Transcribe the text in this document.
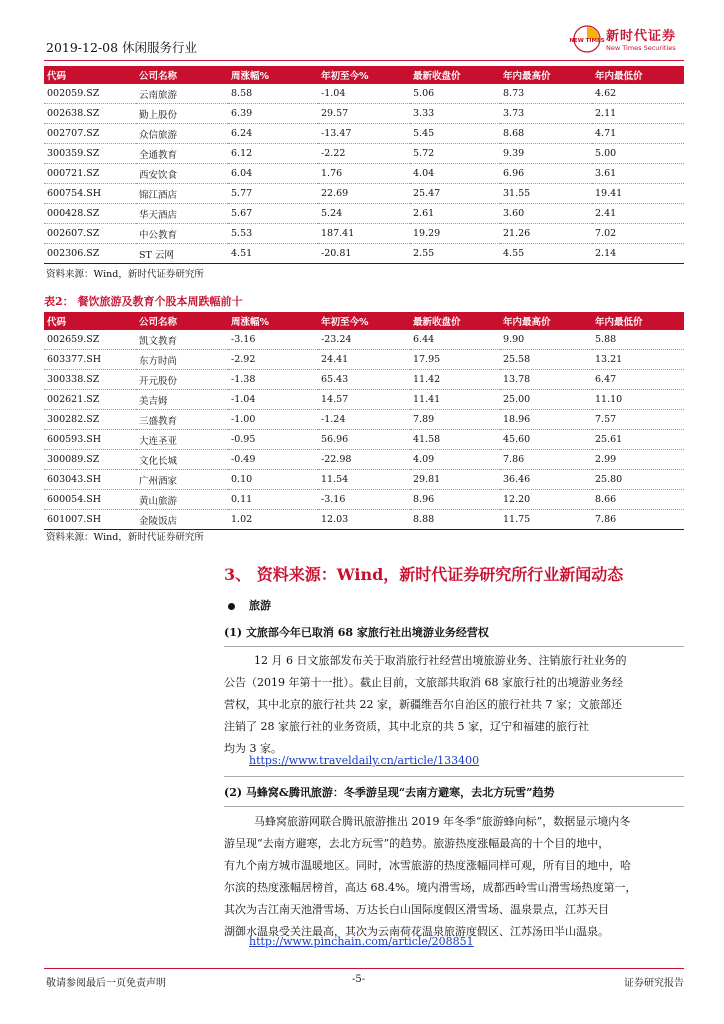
2019-12-08 休闲服务行业	NEW TIMES 新时代证券
New Times Securities
代码	公司名称	周涨幅%	年初至今%	最新收盘价	年内最高价	年内最低价
002059.SZ	云南旅游	8.58	-1.04	5.06	8.73	4.62
002638.SZ	勤上股份	6.39	29.57	3.33	3.73	2.11
002707.SZ	众信旅游	6.24	-13.47	5.45	8.68	4.71
300359.SZ	全通教育	6.12	-2.22	5.72	9.39	5.00
000721.SZ	西安饮食	6.04	1.76	4.04	6.96	3.61
600754.SH	锦江酒店	5.77	22.69	25.47	31.55	19.41
000428.SZ	华天酒店	5.67	5.24	2.61	3.60	2.41
002607.SZ	中公教育	5.53	187.41	19.29	21.26	7.02
002306.SZ	ST 云网	4.51	-20.81	2.55	4.55	2.14
资料来源：Wind，新时代证券研究所
表2： 餐饮旅游及教育个股本周跌幅前十
代码	公司名称	周涨幅%	年初至今%	最新收盘价	年内最高价	年内最低价
002659.SZ	凯文教育	-3.16	-23.24	6.44	9.90	5.88
603377.SH	东方时尚	-2.92	24.41	17.95	25.58	13.21
300338.SZ	开元股份	-1.38	65.43	11.42	13.78	6.47
002621.SZ	美吉姆	-1.04	14.57	11.41	25.00	11.10
300282.SZ	三盛教育	-1.00	-1.24	7.89	18.96	7.57
600593.SH	大连圣亚	-0.95	56.96	41.58	45.60	25.61
300089.SZ	文化长城	-0.49	-22.98	4.09	7.86	2.99
603043.SH	广州酒家	0.10	11.54	29.81	36.46	25.80
600054.SH	黄山旅游	0.11	-3.16	8.96	12.20	8.66
601007.SH	金陵饭店	1.02	12.03	8.88	11.75	7.86
资料来源：Wind，新时代证券研究所
3、 资料来源：Wind，新时代证券研究所行业新闻动态
旅游
(1) 文旅部今年已取消 68 家旅行社出境游业务经营权
12 月 6 日文旅部发布关于取消旅行社经营出境旅游业务、注销旅行社业务的
公告（2019 年第十一批）。截止目前，文旅部共取消 68 家旅行社的出境游业务经
营权，其中北京的旅行社共 22 家，新疆维吾尔自治区的旅行社共 7 家；文旅部还
注销了 28 家旅行社的业务资质，其中北京的共 5 家，辽宁和福建的旅行社
均为 3 家。
https://www.traveldaily.cn/article/133400
(2) 马蜂窝&腾讯旅游：冬季游呈现“去南方避寒，去北方玩雪”趋势
马蜂窝旅游网联合腾讯旅游推出 2019 年冬季“旅游蜂向标”，数据显示境内冬
游呈现“去南方避寒，去北方玩雪”的趋势。旅游热度涨幅最高的十个目的地中，
有九个南方城市温暖地区。同时，冰雪旅游的热度涨幅同样可观，所有目的地中，哈
尔滨的热度涨幅居榜首，高达 68.4%。境内滑雪场，成都西岭雪山滑雪场热度第一，
其次为吉江南天池滑雪场、万达长白山国际度假区滑雪场、温泉景点，江苏天目
湖御水温泉受关注最高，其次为云南荷花温泉旅游度假区、江苏汤田半山温泉。
http://www.pinchain.com/article/208851
敬请参阅最后一页免责声明	-5-	证券研究报告
